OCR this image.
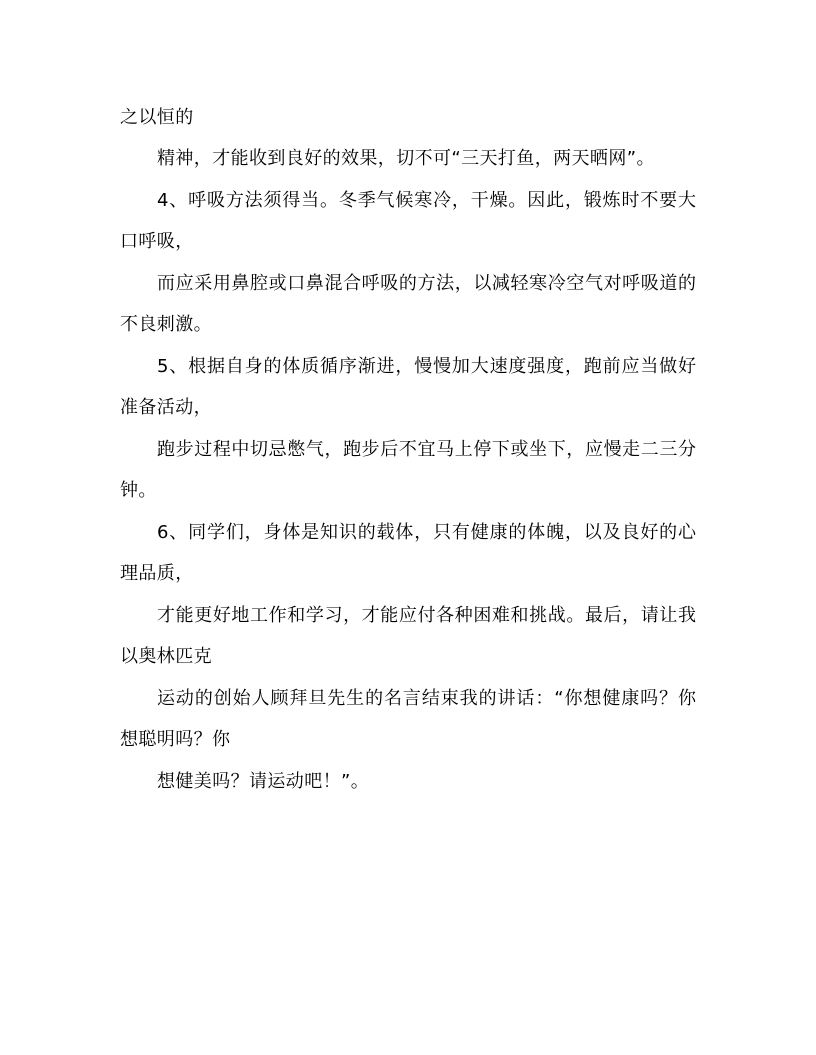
之以恒的
精神，才能收到良好的效果，切不可“三天打鱼，两天晒网”。
4、呼吸方法须得当。冬季气候寒冷，干燥。因此，锻炼时不要大
口呼吸，
而应采用鼻腔或口鼻混合呼吸的方法，以减轻寒冷空气对呼吸道的
不良刺激。
5、根据自身的体质循序渐进，慢慢加大速度强度，跑前应当做好
准备活动，
跑步过程中切忌憋气，跑步后不宜马上停下或坐下，应慢走二三分
钟。
6、同学们，身体是知识的载体，只有健康的体魄，以及良好的心
理品质，
才能更好地工作和学习，才能应付各种困难和挑战。最后，请让我
以奥林匹克
运动的创始人顾拜旦先生的名言结束我的讲话：“你想健康吗？你
想聪明吗？你
想健美吗？请运动吧！”。
